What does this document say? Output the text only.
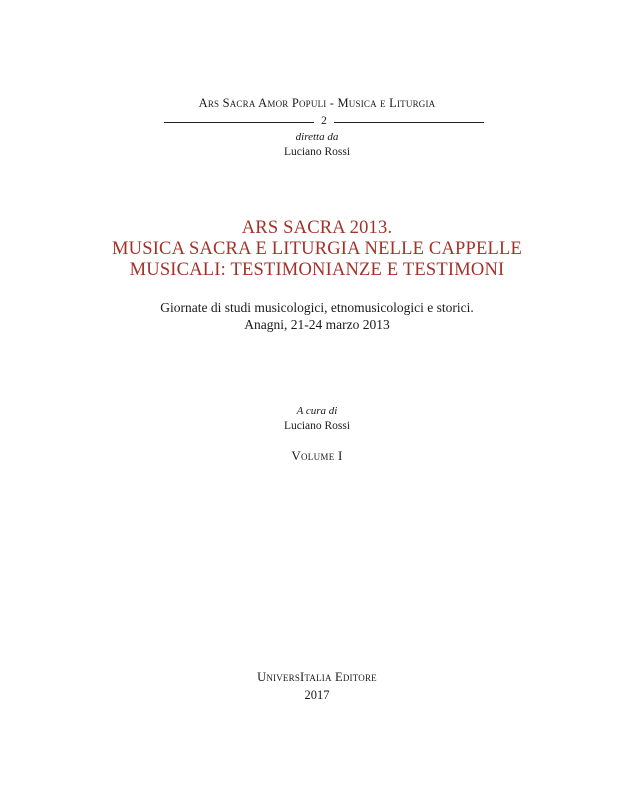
Ars Sacra Amor Populi - Musica e Liturgia
2
diretta da
Luciano Rossi
ARS SACRA 2013.
MUSICA SACRA E LITURGIA NELLE CAPPELLE
MUSICALI: TESTIMONIANZE E TESTIMONI
Giornate di studi musicologici, etnomusicologici e storici.
Anagni, 21-24 marzo 2013
A cura di
Luciano Rossi
Volume I
UniversItalia Editore
2017
